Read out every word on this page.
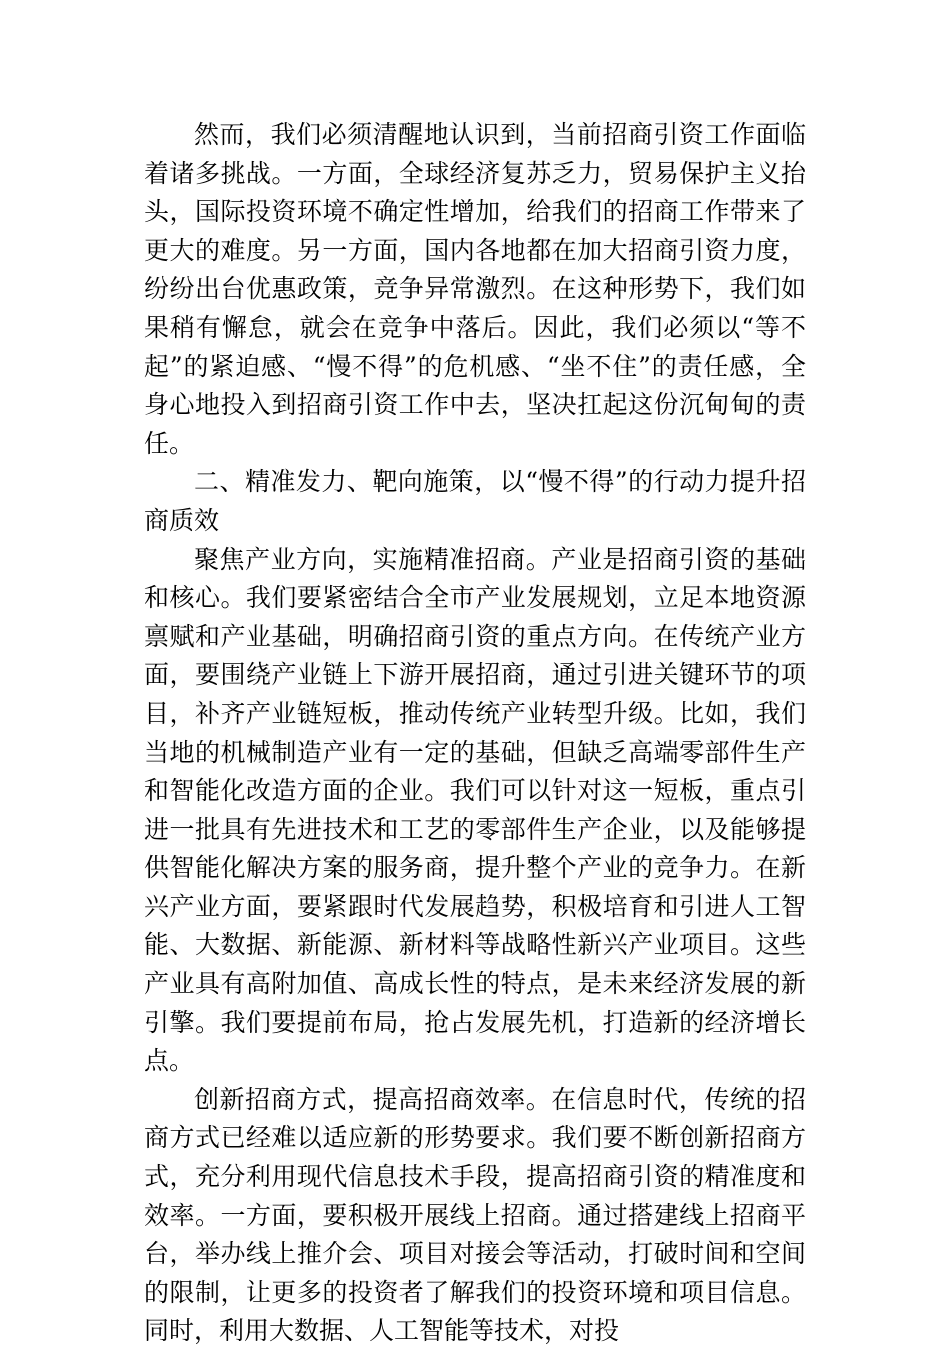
然而，我们必须清醒地认识到，当前招商引资工作面临着诸多挑战。一方面，全球经济复苏乏力，贸易保护主义抬头，国际投资环境不确定性增加，给我们的招商工作带来了更大的难度。另一方面，国内各地都在加大招商引资力度，纷纷出台优惠政策，竞争异常激烈。在这种形势下，我们如果稍有懈怠，就会在竞争中落后。因此，我们必须以“等不起”的紧迫感、“慢不得”的危机感、“坐不住”的责任感，全身心地投入到招商引资工作中去，坚决扛起这份沉甸甸的责任。

二、精准发力、靶向施策，以“慢不得”的行动力提升招商质效

聚焦产业方向，实施精准招商。产业是招商引资的基础和核心。我们要紧密结合全市产业发展规划，立足本地资源禀赋和产业基础，明确招商引资的重点方向。在传统产业方面，要围绕产业链上下游开展招商，通过引进关键环节的项目，补齐产业链短板，推动传统产业转型升级。比如，我们当地的机械制造产业有一定的基础，但缺乏高端零部件生产和智能化改造方面的企业。我们可以针对这一短板，重点引进一批具有先进技术和工艺的零部件生产企业，以及能够提供智能化解决方案的服务商，提升整个产业的竞争力。在新兴产业方面，要紧跟时代发展趋势，积极培育和引进人工智能、大数据、新能源、新材料等战略性新兴产业项目。这些产业具有高附加值、高成长性的特点，是未来经济发展的新引擎。我们要提前布局，抢占发展先机，打造新的经济增长点。

创新招商方式，提高招商效率。在信息时代，传统的招商方式已经难以适应新的形势要求。我们要不断创新招商方式，充分利用现代信息技术手段，提高招商引资的精准度和效率。一方面，要积极开展线上招商。通过搭建线上招商平台，举办线上推介会、项目对接会等活动，打破时间和空间的限制，让更多的投资者了解我们的投资环境和项目信息。同时，利用大数据、人工智能等技术，对投
